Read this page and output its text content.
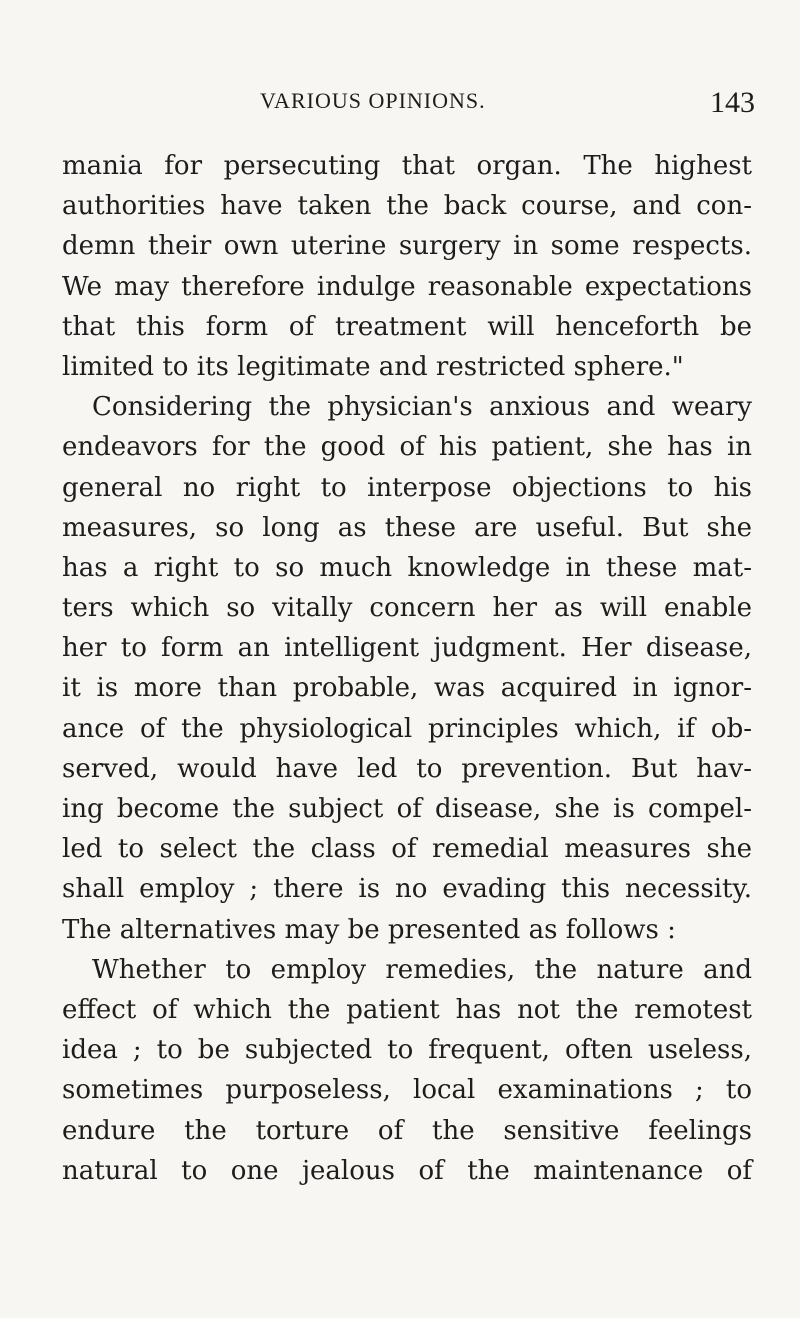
VARIOUS OPINIONS.	143
mania for persecuting that organ. The highest
authorities have taken the back course, and con-
demn their own uterine surgery in some respects.
We may therefore indulge reasonable expectations
that this form of treatment will henceforth be
limited to its legitimate and restricted sphere."
Considering the physician's anxious and weary
endeavors for the good of his patient, she has in
general no right to interpose objections to his
measures, so long as these are useful. But she
has a right to so much knowledge in these mat-
ters which so vitally concern her as will enable
her to form an intelligent judgment. Her disease,
it is more than probable, was acquired in ignor-
ance of the physiological principles which, if ob-
served, would have led to prevention. But hav-
ing become the subject of disease, she is compel-
led to select the class of remedial measures she
shall employ ; there is no evading this necessity.
The alternatives may be presented as follows :
Whether to employ remedies, the nature and
effect of which the patient has not the remotest
idea ; to be subjected to frequent, often useless,
sometimes purposeless, local examinations ; to
endure the torture of the sensitive feelings
natural to one jealous of the maintenance of
